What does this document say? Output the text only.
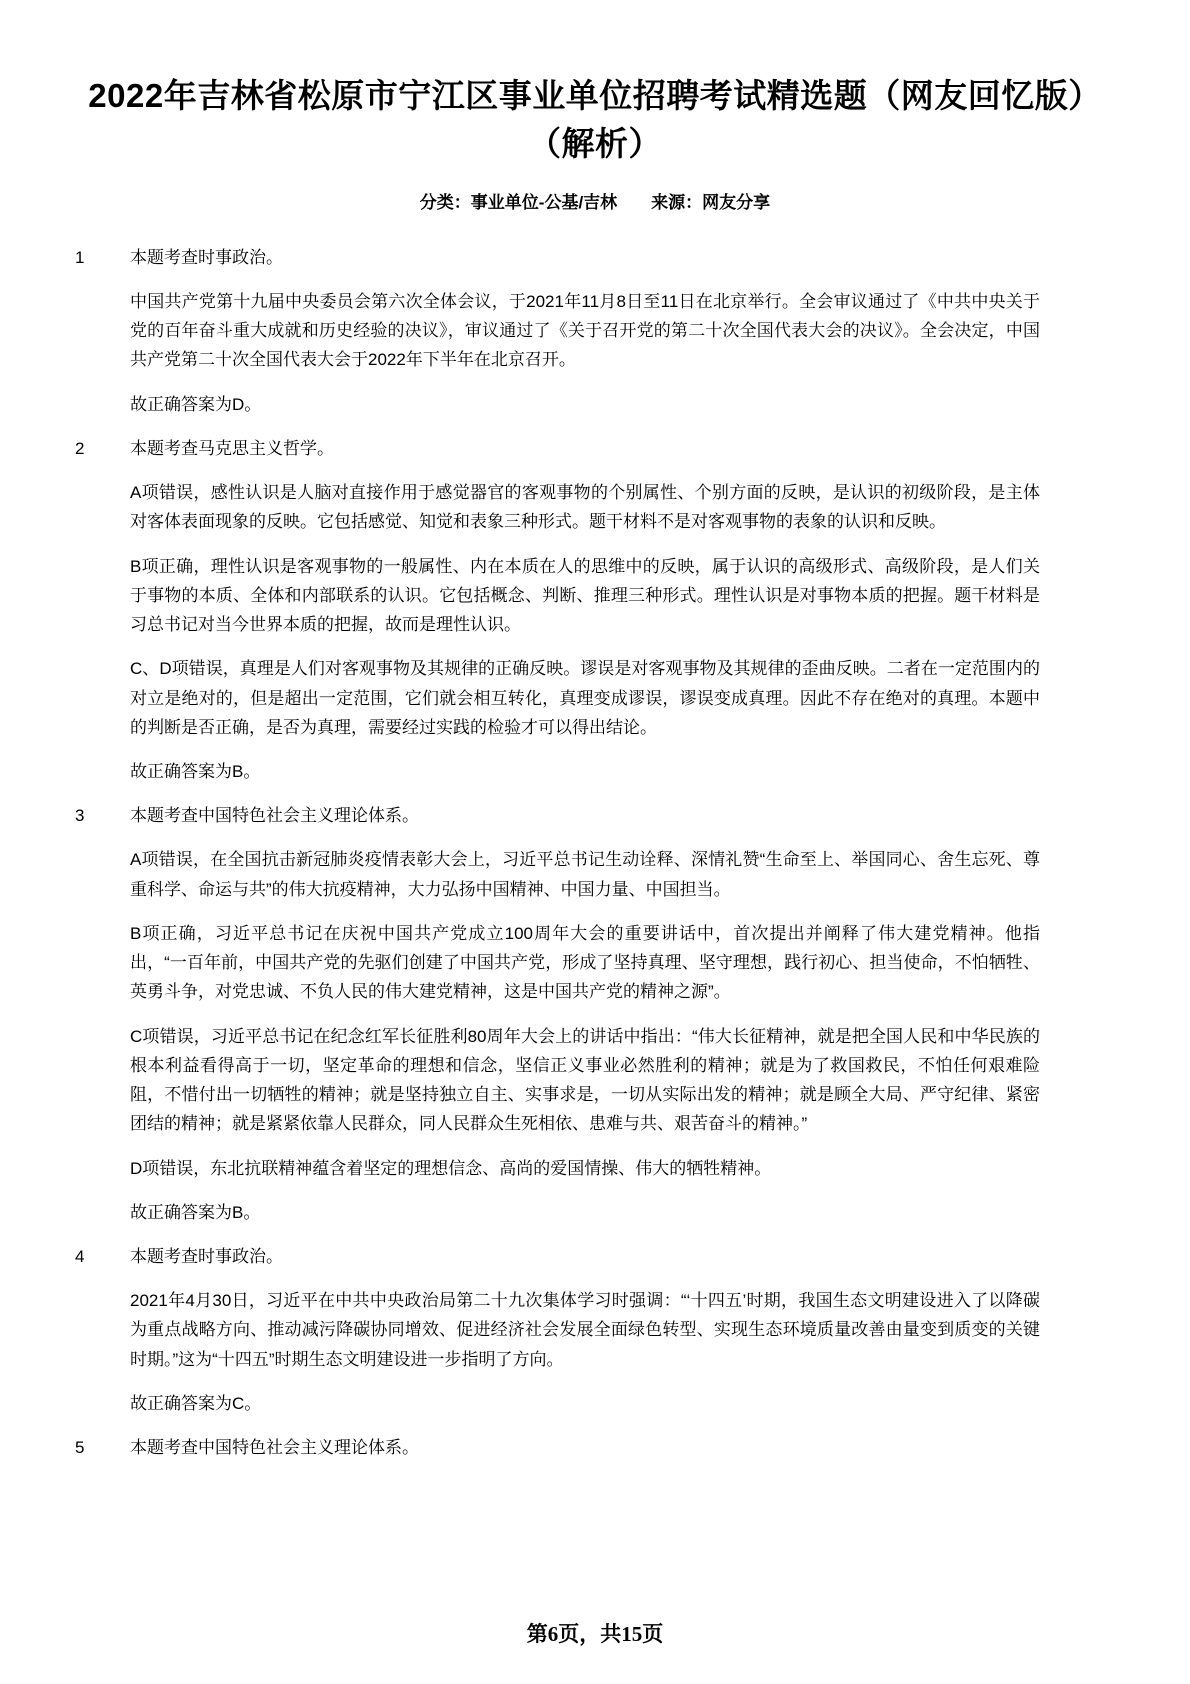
2022年吉林省松原市宁江区事业单位招聘考试精选题（网友回忆版）（解析）
分类：事业单位-公基/吉林　　来源：网友分享
1	本题考查时事政治。

中国共产党第十九届中央委员会第六次全体会议，于2021年11月8日至11日在北京举行。全会审议通过了《中共中央关于党的百年奋斗重大成就和历史经验的决议》，审议通过了《关于召开党的第二十次全国代表大会的决议》。全会决定，中国共产党第二十次全国代表大会于2022年下半年在北京召开。

故正确答案为D。

2	本题考查马克思主义哲学。

A项错误，感性认识是人脑对直接作用于感觉器官的客观事物的个别属性、个别方面的反映，是认识的初级阶段，是主体对客体表面现象的反映。它包括感觉、知觉和表象三种形式。题干材料不是对客观事物的表象的认识和反映。

B项正确，理性认识是客观事物的一般属性、内在本质在人的思维中的反映，属于认识的高级形式、高级阶段，是人们关于事物的本质、全体和内部联系的认识。它包括概念、判断、推理三种形式。理性认识是对事物本质的把握。题干材料是习总书记对当今世界本质的把握，故而是理性认识。

C、D项错误，真理是人们对客观事物及其规律的正确反映。谬误是对客观事物及其规律的歪曲反映。二者在一定范围内的对立是绝对的，但是超出一定范围，它们就会相互转化，真理变成谬误，谬误变成真理。因此不存在绝对的真理。本题中的判断是否正确，是否为真理，需要经过实践的检验才可以得出结论。

故正确答案为B。

3	本题考查中国特色社会主义理论体系。

A项错误，在全国抗击新冠肺炎疫情表彰大会上，习近平总书记生动诠释、深情礼赞“生命至上、举国同心、舍生忘死、尊重科学、命运与共”的伟大抗疫精神，大力弘扬中国精神、中国力量、中国担当。

B项正确，习近平总书记在庆祝中国共产党成立100周年大会的重要讲话中，首次提出并阐释了伟大建党精神。他指出，“一百年前，中国共产党的先驱们创建了中国共产党，形成了坚持真理、坚守理想，践行初心、担当使命，不怕牺牲、英勇斗争，对党忠诚、不负人民的伟大建党精神，这是中国共产党的精神之源”。

C项错误，习近平总书记在纪念红军长征胜利80周年大会上的讲话中指出：“伟大长征精神，就是把全国人民和中华民族的根本利益看得高于一切，坚定革命的理想和信念，坚信正义事业必然胜利的精神；就是为了救国救民，不怕任何艰难险阻，不惜付出一切牺牲的精神；就是坚持独立自主、实事求是，一切从实际出发的精神；就是顾全大局、严守纪律、紧密团结的精神；就是紧紧依靠人民群众，同人民群众生死相依、患难与共、艰苦奋斗的精神。”

D项错误，东北抗联精神蕴含着坚定的理想信念、高尚的爱国情操、伟大的牺牲精神。

故正确答案为B。

4	本题考查时事政治。

2021年4月30日，习近平在中共中央政治局第二十九次集体学习时强调：“‘十四五’时期，我国生态文明建设进入了以降碳为重点战略方向、推动减污降碳协同增效、促进经济社会发展全面绿色转型、实现生态环境质量改善由量变到质变的关键时期。”这为“十四五”时期生态文明建设进一步指明了方向。

故正确答案为C。

5	本题考查中国特色社会主义理论体系。

第6页，共15页
